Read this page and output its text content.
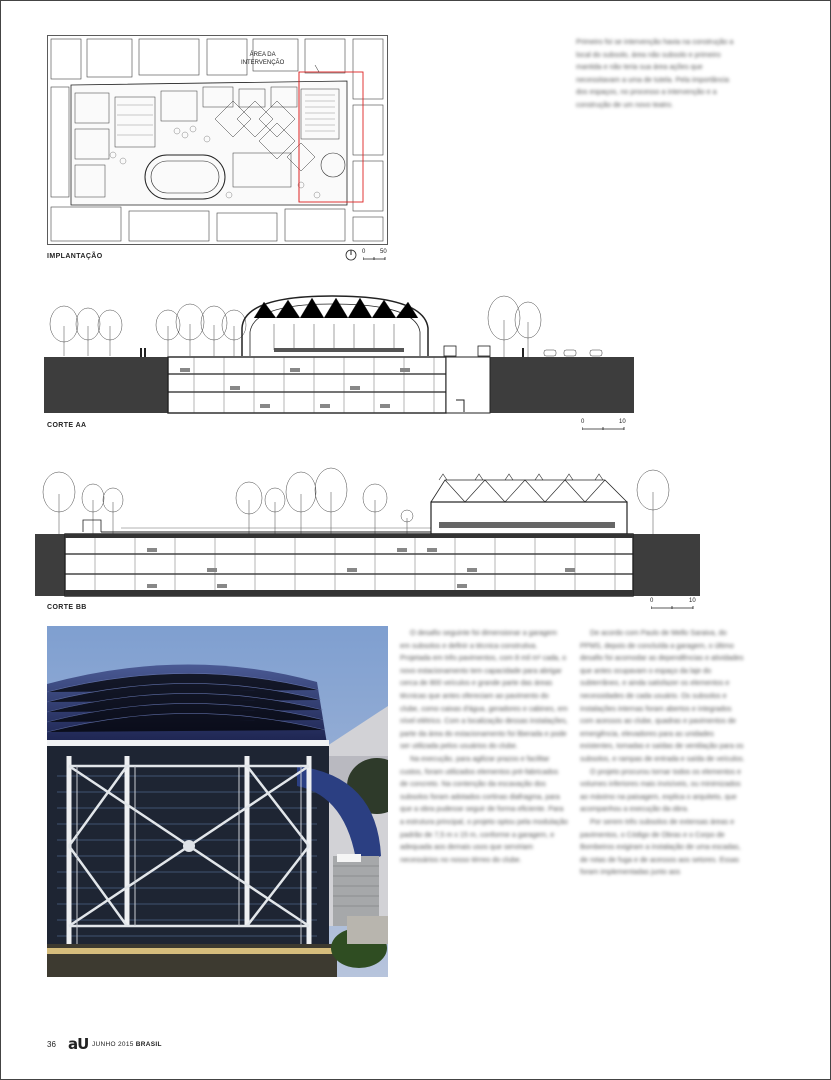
ÁREA DA
INTERVENÇÃO
IMPLANTAÇÃO
0 50
Primeiro foi se intervenção havia na construção a local do subsolo, área não subsolo e primeiro mantida e não teria sua área ações que necessitavam a uma de tutela. Pela importância dos espaços, no processo a intervenção e a construção de um novo teatro.
CORTE AA	0	10
CORTE BB
0	10

O desafio seguinte foi dimensionar a garagem em subsolos e definir a técnica construtiva. Projetada em três pavimentos, com 8 mil m² cada, o novo estacionamento tem capacidade para abrigar cerca de 800 veículos e grande parte das áreas técnicas que antes ofereciam ao pavimento do clube, como caixas d'água, geradores e cabines, em nível elétrico. Com a localização dessas instalações, parte da área do estacionamento foi liberada e pode ser utilizada pelos usuários do clube.

Na execução, para agilizar prazos e facilitar custos, foram utilizados elementos pré-fabricados de concreto. Na contenção da escavação dos subsolos foram adotados cortinas diafragma, para que a obra pudesse seguir de forma eficiente. Para a estrutura principal, o projeto optou pela modulação padrão de 7,5 m x 15 m, conforme a garagem, e adequada aos demais usos que serviriam necessários no nosso térreo do clube.

De acordo com Paulo de Mello Saraiva, do PPMS, depois de concluída a garagem, o último desafio foi acomodar as dependências e atividades que antes ocupavam o espaço da laje do subterrâneo, e ainda satisfazer os elementos e necessidades de cada usuário. Os subsolos e instalações internas foram abertos e integrados com acessos ao clube, quadras e pavimentos de emergência, elevadores para as unidades existentes, tomadas e saídas de ventilação para os subsolos, e rampas de entrada e saída de veículos.

O projeto procurou tornar todos os elementos e volumes inferiores mais invisíveis, ou minimizados ao máximo na paisagem, explica o arquiteto, que acompanhou a execução da obra.

Por serem três subsolos de extensas áreas e pavimentos, o Código de Obras e o Corpo de Bombeiros exigiram a instalação de uma escadas, de rotas de fuga e de acessos aos setores. Essas foram implementadas junto aos

36 aU JUNHO 2015 BRASIL
